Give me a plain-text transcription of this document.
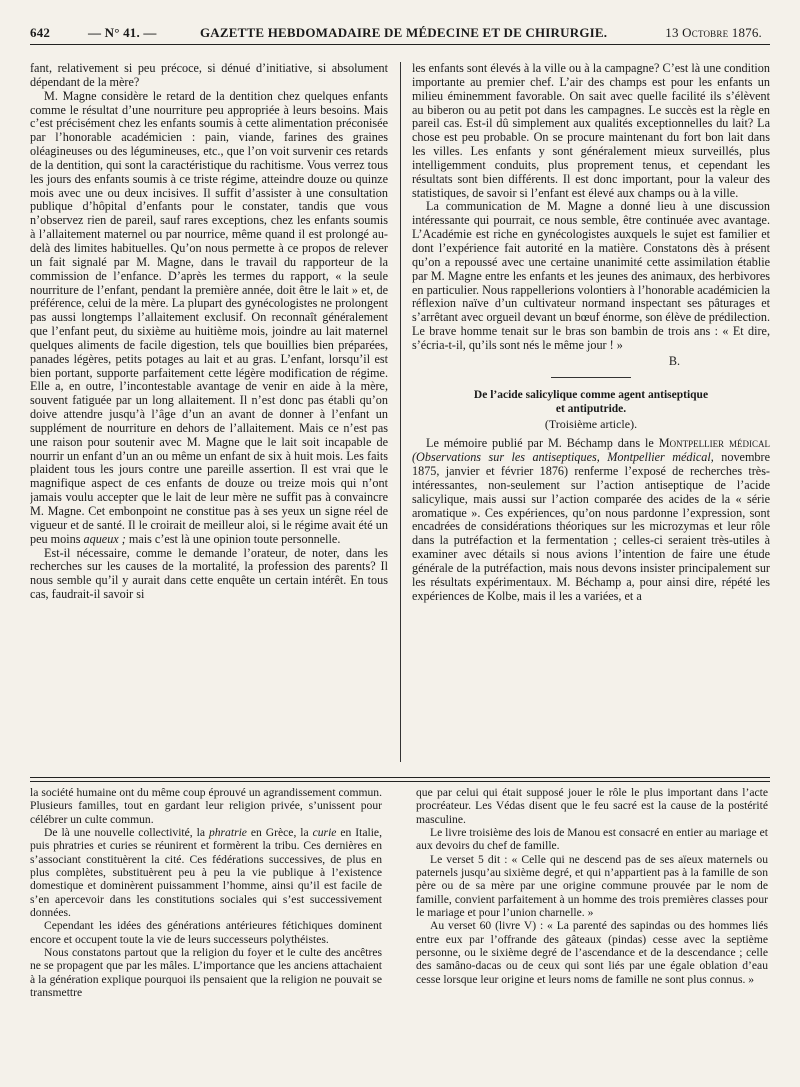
642	— N° 41. —	GAZETTE HEBDOMADAIRE DE MÉDECINE ET DE CHIRURGIE.	13 Octobre 1876.

fant, relativement si peu précoce, si dénué d’initiative, si absolument dépendant de la mère?

M. Magne considère le retard de la dentition chez quelques enfants comme le résultat d’une nourriture peu appropriée à leurs besoins. Mais c’est précisément chez les enfants soumis à cette alimentation préconisée par l’honorable académicien : pain, viande, farines des graines oléagineuses ou des légumineuses, etc., que l’on voit survenir ces retards de la dentition, qui sont la caractéristique du rachitisme. Vous verrez tous les jours des enfants soumis à ce triste régime, atteindre douze ou quinze mois avec une ou deux incisives. Il suffit d’assister à une consultation publique d’hôpital d’enfants pour le constater, tandis que vous n’observez rien de pareil, sauf rares exceptions, chez les enfants soumis à l’allaitement maternel ou par nourrice, même quand il est prolongé au-delà des limites habituelles. Qu’on nous permette à ce propos de relever un fait signalé par M. Magne, dans le travail du rapporteur de la commission de l’enfance. D’après les termes du rapport, « la seule nourriture de l’enfant, pendant la première année, doit être le lait » et, de préférence, celui de la mère. La plupart des gynécologistes ne prolongent pas aussi longtemps l’allaitement exclusif. On reconnaît généralement que l’enfant peut, du sixième au huitième mois, joindre au lait maternel quelques aliments de facile digestion, tels que bouillies bien préparées, panades légères, petits potages au lait et au gras. L’enfant, lorsqu’il est bien portant, supporte parfaitement cette légère modification de régime. Elle a, en outre, l’incontestable avantage de venir en aide à la mère, souvent fatiguée par un long allaitement. Il n’est donc pas établi qu’on doive attendre jusqu’à l’âge d’un an avant de donner à l’enfant un supplément de nourriture en dehors de l’allaitement. Mais ce n’est pas une raison pour soutenir avec M. Magne que le lait soit incapable de nourrir un enfant d’un an ou même un enfant de six à huit mois. Les faits plaident tous les jours contre une pareille assertion. Il est vrai que le magnifique aspect de ces enfants de douze ou treize mois qui n’ont jamais voulu accepter que le lait de leur mère ne suffit pas à convaincre M. Magne. Cet embonpoint ne constitue pas à ses yeux un signe réel de vigueur et de santé. Il le croirait de meilleur aloi, si le régime avait été un peu moins aqueux ; mais c’est là une opinion toute personnelle.

Est-il nécessaire, comme le demande l’orateur, de noter, dans les recherches sur les causes de la mortalité, la profession des parents? Il nous semble qu’il y aurait dans cette enquête un certain intérêt. En tous cas, faudrait-il savoir si

les enfants sont élevés à la ville ou à la campagne? C’est là une condition importante au premier chef. L’air des champs est pour les enfants un milieu éminemment favorable. On sait avec quelle facilité ils s’élèvent au biberon ou au petit pot dans les campagnes. Le succès est la règle en pareil cas. Est-il dû simplement aux qualités exceptionnelles du lait? La chose est peu probable. On se procure maintenant du fort bon lait dans les villes. Les enfants y sont généralement mieux surveillés, plus intelligemment conduits, plus proprement tenus, et cependant les résultats sont bien différents. Il est donc important, pour la valeur des statistiques, de savoir si l’enfant est élevé aux champs ou à la ville.

La communication de M. Magne a donné lieu à une discussion intéressante qui pourrait, ce nous semble, être continuée avec avantage. L’Académie est riche en gynécologistes auxquels le sujet est familier et dont l’expérience fait autorité en la matière. Constatons dès à présent qu’on a repoussé avec une certaine unanimité cette assimilation établie par M. Magne entre les enfants et les jeunes des animaux, des herbivores en particulier. Nous rappellerions volontiers à l’honorable académicien la réflexion naïve d’un cultivateur normand inspectant ses pâturages et s’arrêtant avec orgueil devant un bœuf énorme, son élève de prédilection. Le brave homme tenait sur le bras son bambin de trois ans : « Et dire, s’écria-t-il, qu’ils sont nés le même jour ! »

B.
De l’acide salicylique comme agent antiseptique
et antiputride.
(Troisième article).

Le mémoire publié par M. Béchamp dans le Montpellier médical (Observations sur les antiseptiques, Montpellier médical, novembre 1875, janvier et février 1876) renferme l’exposé de recherches très-intéressantes, non-seulement sur l’action antiseptique de l’acide salicylique, mais aussi sur l’action comparée des acides de la « série aromatique ». Ces expériences, qu’on nous pardonne l’expression, sont encadrées de considérations théoriques sur les microzymas et leur rôle dans la putréfaction et la fermentation ; celles-ci seraient très-utiles à examiner avec détails si nous avions l’intention de faire une étude générale de la putréfaction, mais nous devons insister principalement sur les résultats expérimentaux. M. Béchamp a, pour ainsi dire, répété les expériences de Kolbe, mais il les a variées, et a

la société humaine ont du même coup éprouvé un agrandissement commun. Plusieurs familles, tout en gardant leur religion privée, s’unissent pour célébrer un culte commun.

De là une nouvelle collectivité, la phratrie en Grèce, la curie en Italie, puis phratries et curies se réunirent et formèrent la tribu. Ces dernières en s’associant constituèrent la cité. Ces fédérations successives, de plus en plus complètes, substituèrent peu à peu la vie publique à l’existence domestique et dominèrent puissamment l’homme, ainsi qu’il est facile de s’en apercevoir dans les constitutions sociales qui s’est successivement données.

Cependant les idées des générations antérieures fétichiques dominent encore et occupent toute la vie de leurs successeurs polythéistes.

Nous constatons partout que la religion du foyer et le culte des ancêtres ne se propagent que par les mâles. L’importance que les anciens attachaient à la génération explique pourquoi ils pensaient que la religion ne pouvait se transmettre

que par celui qui était supposé jouer le rôle le plus important dans l’acte procréateur. Les Védas disent que le feu sacré est la cause de la postérité masculine.

Le livre troisième des lois de Manou est consacré en entier au mariage et aux devoirs du chef de famille.

Le verset 5 dit : « Celle qui ne descend pas de ses aïeux maternels ou paternels jusqu’au sixième degré, et qui n’appartient pas à la famille de son père ou de sa mère par une origine commune prouvée par le nom de famille, convient parfaitement à un homme des trois premières classes pour le mariage et pour l’union charnelle. »

Au verset 60 (livre V) : « La parenté des sapindas ou des hommes liés entre eux par l’offrande des gâteaux (pindas) cesse avec la septième personne, ou le sixième degré de l’ascendance et de la descendance ; celle des samâno-dacas ou de ceux qui sont liés par une égale oblation d’eau cesse lorsque leur origine et leurs noms de famille ne sont plus connus. »
